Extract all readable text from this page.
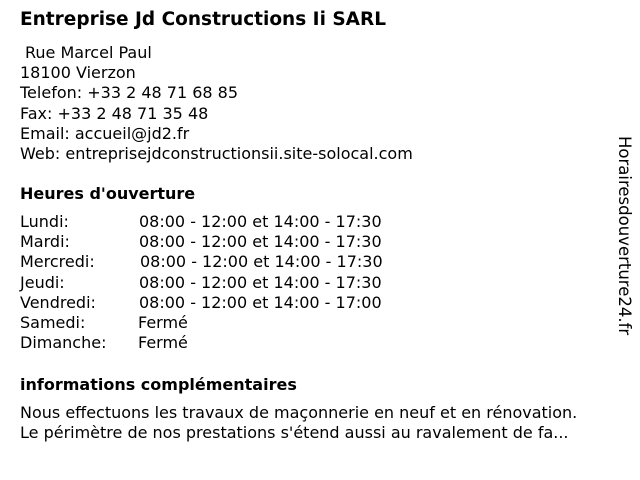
Entreprise Jd Constructions Ii SARL
Rue Marcel Paul
18100 Vierzon
Telefon: +33 2 48 71 68 85
Fax: +33 2 48 71 35 48
Email: accueil@jd2.fr
Web: entreprisejdconstructionsii.site-solocal.com
Heures d'ouverture
Lundi:	08:00 - 12:00 et 14:00 - 17:30
Mardi:	08:00 - 12:00 et 14:00 - 17:30
Mercredi:	08:00 - 12:00 et 14:00 - 17:30
Jeudi:	08:00 - 12:00 et 14:00 - 17:30
Vendredi:	08:00 - 12:00 et 14:00 - 17:00
Samedi:	Fermé
Dimanche: Fermé
informations complémentaires
Nous effectuons les travaux de maçonnerie en neuf et en rénovation.
Le périmètre de nos prestations s'étend aussi au ravalement de fa...
Horairesdouverture24.fr
